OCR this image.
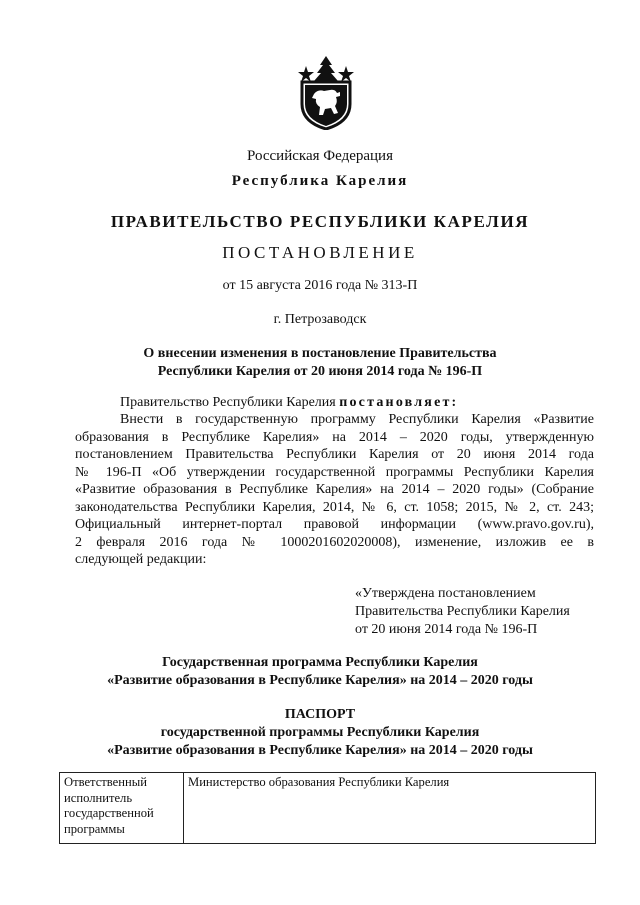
Российская Федерация
Республика Карелия
ПРАВИТЕЛЬСТВО РЕСПУБЛИКИ КАРЕЛИЯ
ПОСТАНОВЛЕНИЕ
от 15 августа 2016 года № 313-П
г. Петрозаводск
О внесении изменения в постановление Правительства
Республики Карелия от 20 июня 2014 года № 196-П
Правительство Республики Карелия постановляет:
Внести в государственную программу Республики Карелия «Развитие
образования в Республике Карелия» на 2014 – 2020 годы, утвержденную
постановлением Правительства Республики Карелия от 20 июня 2014 года
№ 196-П «Об утверждении государственной программы Республики Карелия
«Развитие образования в Республике Карелия» на 2014 – 2020 годы» (Собрание
законодательства Республики Карелия, 2014, № 6, ст. 1058; 2015, № 2, ст. 243;
Официальный интернет-портал правовой информации (www.pravo.gov.ru),
2 февраля 2016 года № 1000201602020008), изменение, изложив ее в
следующей редакции:
«Утверждена постановлением
Правительства Республики Карелия
от 20 июня 2014 года № 196-П
Государственная программа Республики Карелия
«Развитие образования в Республике Карелия» на 2014 – 2020 годы
ПАСПОРТ
государственной программы Республики Карелия
«Развитие образования в Республике Карелия» на 2014 – 2020 годы
Ответственный
исполнитель
государственной
программы
	Министерство образования Республики Карелия
